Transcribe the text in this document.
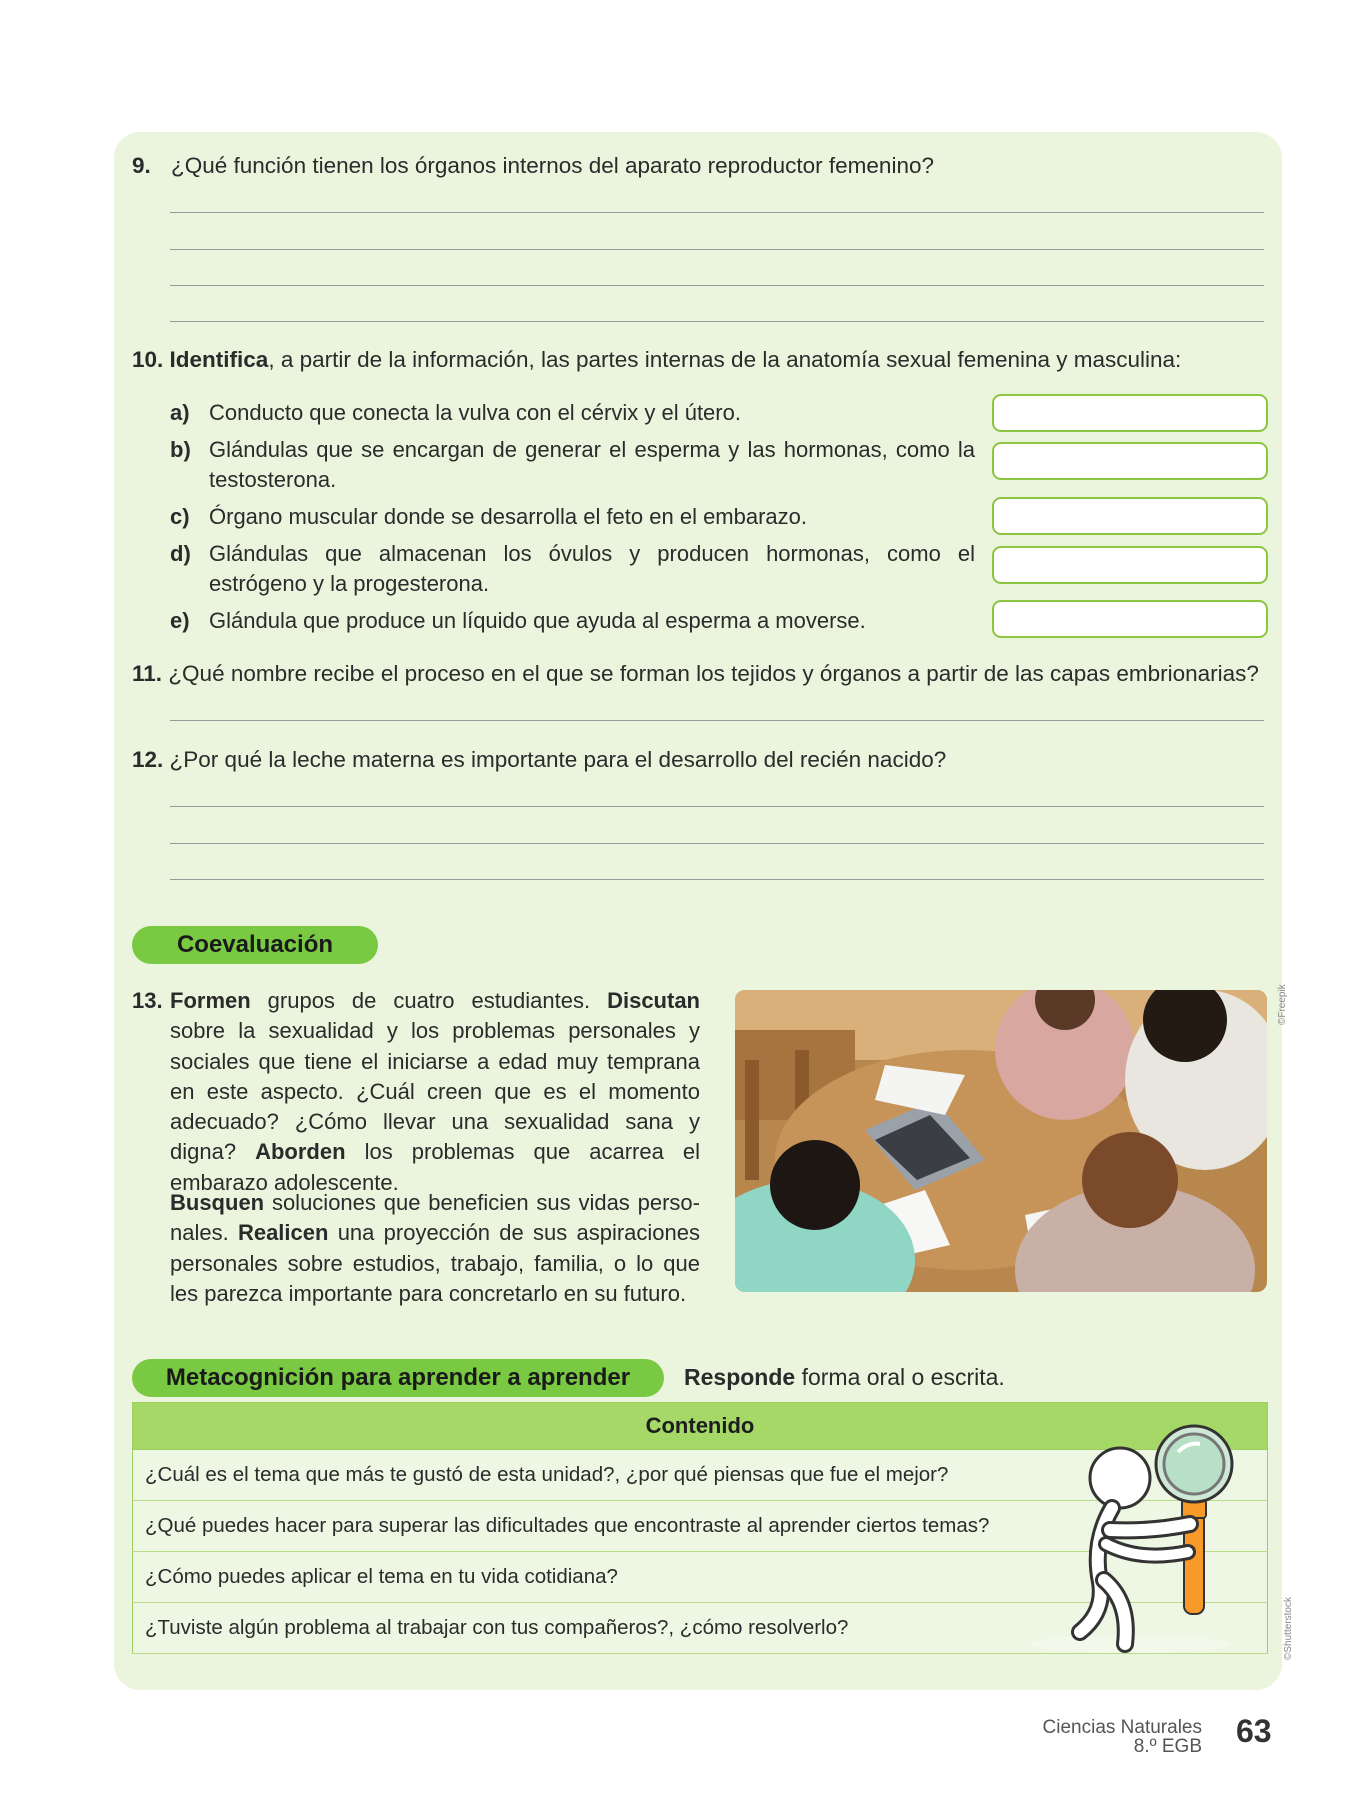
9. ¿Qué función tienen los órganos internos del aparato reproductor femenino?
10. Identifica, a partir de la información, las partes internas de la anatomía sexual femenina y masculina:
a) Conducto que conecta la vulva con el cérvix y el útero.
b) Glándulas que se encargan de generar el esperma y las hormonas, como la testosterona.
c) Órgano muscular donde se desarrolla el feto en el embarazo.
d) Glándulas que almacenan los óvulos y producen hormonas, como el estrógeno y la progesterona.
e) Glándula que produce un líquido que ayuda al esperma a moverse.
11. ¿Qué nombre recibe el proceso en el que se forman los tejidos y órganos a partir de las capas embrionarias?
12. ¿Por qué la leche materna es importante para el desarrollo del recién nacido?
Coevaluación
13. Formen grupos de cuatro estudiantes. Discutan sobre la sexualidad y los problemas personales y sociales que tiene el iniciarse a edad muy temprana en este aspecto. ¿Cuál creen que es el momento adecuado? ¿Cómo llevar una sexualidad sana y digna? Aborden los problemas que acarrea el embarazo adolescente.
Busquen soluciones que beneficien sus vidas personales. Realicen una proyección de sus aspiraciones personales sobre estudios, trabajo, familia, o lo que les parezca importante para concretarlo en su futuro.
©Freepik
Metacognición para aprender a aprender	Responde forma oral o escrita.
Contenido
¿Cuál es el tema que más te gustó de esta unidad?, ¿por qué piensas que fue el mejor?
¿Qué puedes hacer para superar las dificultades que encontraste al aprender ciertos temas?
¿Cómo puedes aplicar el tema en tu vida cotidiana?
¿Tuviste algún problema al trabajar con tus compañeros?, ¿cómo resolverlo?	©Shutterstock
Ciencias Naturales
8.º EGB 63
